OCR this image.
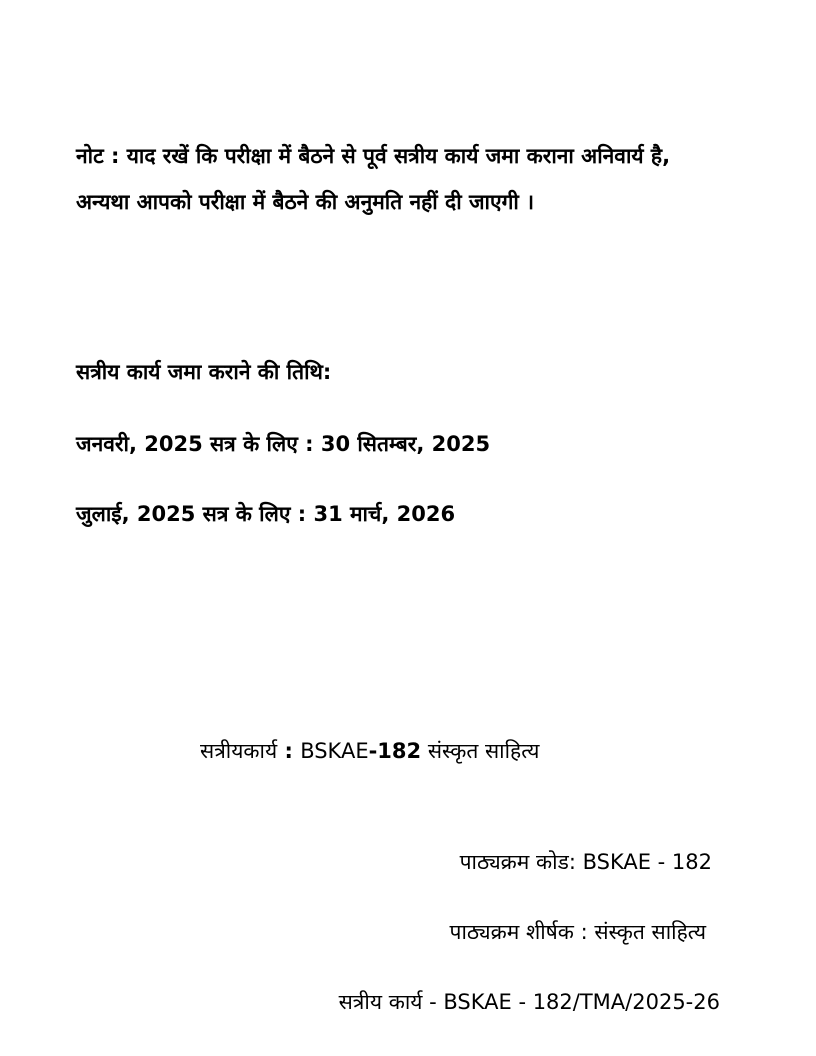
नोट : याद रखें कि परीक्षा में बैठने से पूर्व सत्रीय कार्य जमा कराना अनिवार्य है, अन्यथा आपको परीक्षा में बैठने की अनुमति नहीं दी जाएगी ।
सत्रीय कार्य जमा कराने की तिथि:
जनवरी, 2025 सत्र के लिए : 30 सितम्बर, 2025
जुलाई, 2025 सत्र के लिए : 31 मार्च, 2026
सत्रीयकार्य : BSKAE-182 संस्कृत साहित्य
पाठ्यक्रम कोड: BSKAE - 182
पाठ्यक्रम शीर्षक : संस्कृत साहित्य
सत्रीय कार्य - BSKAE - 182/TMA/2025-26
